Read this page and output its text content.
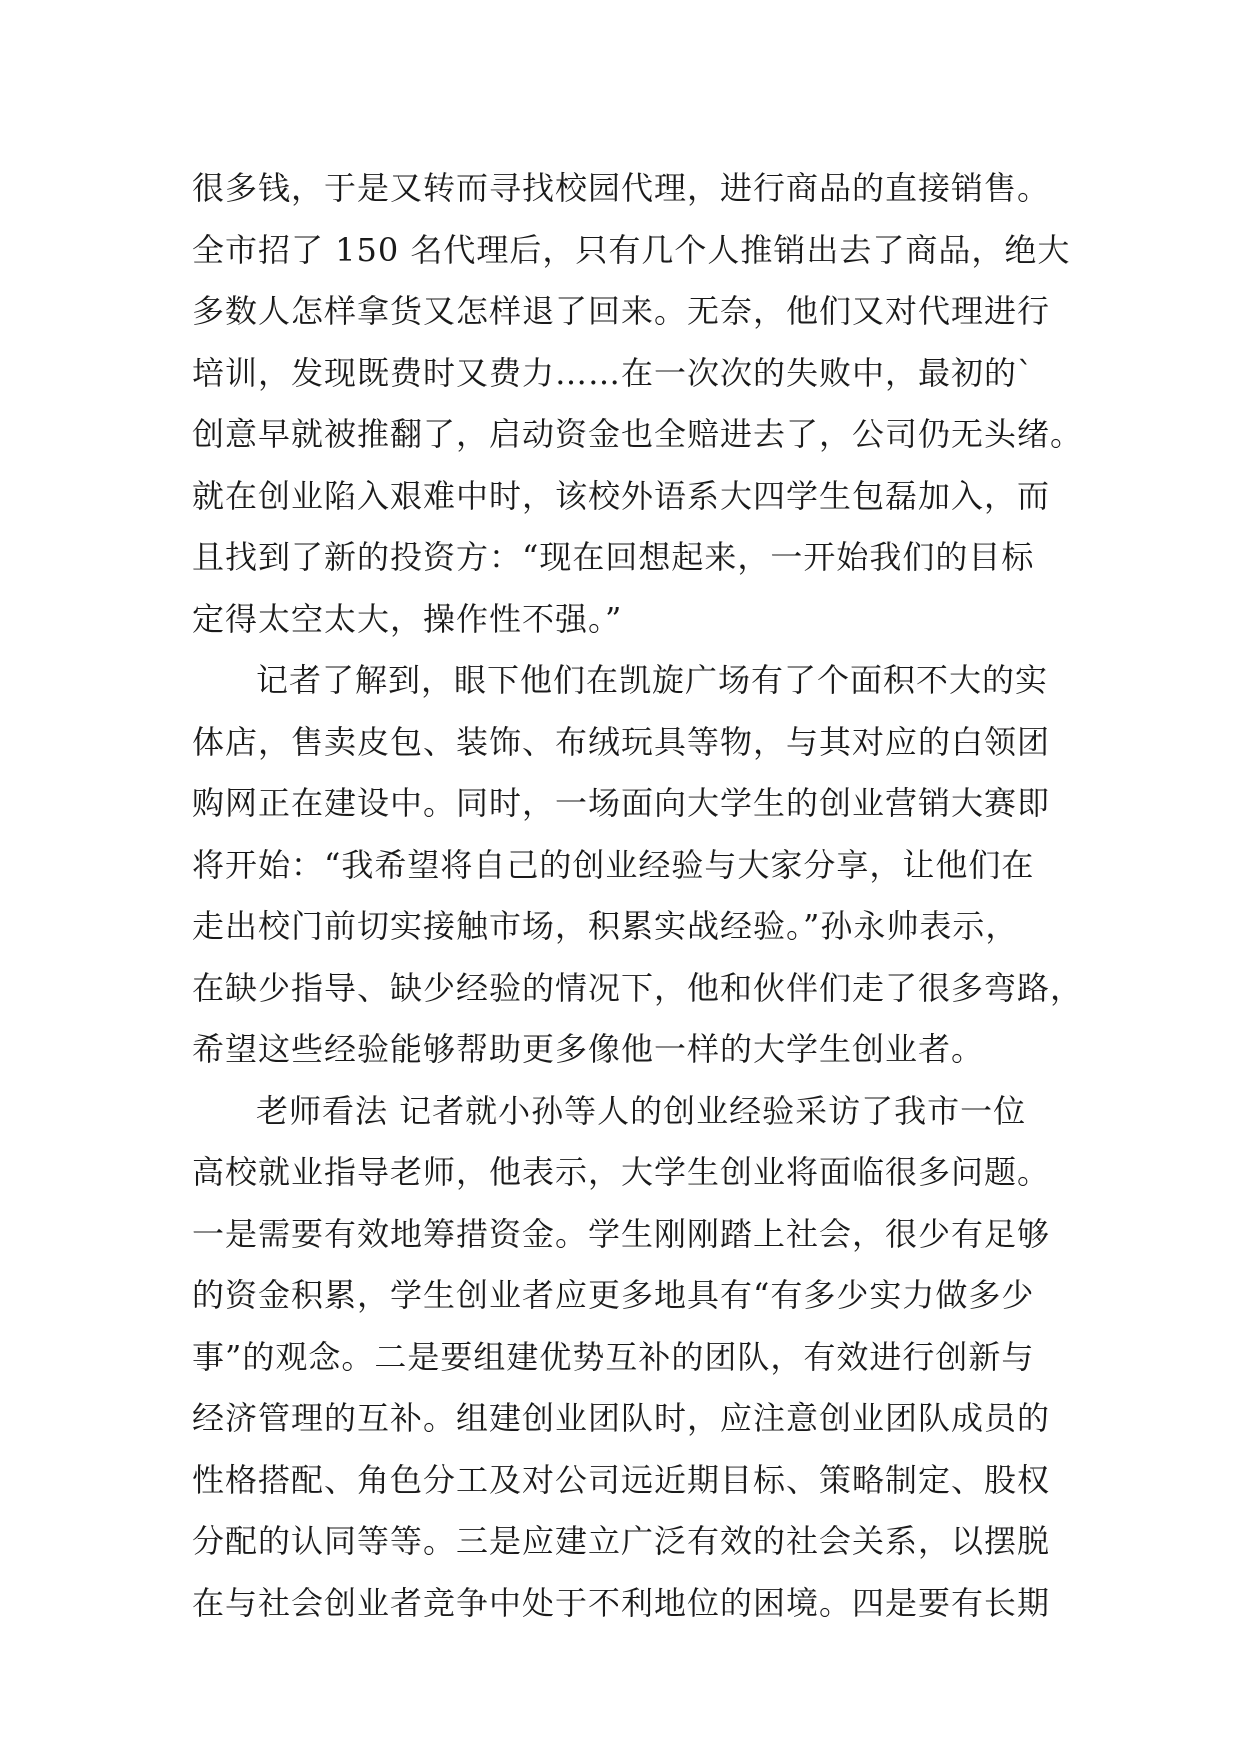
很多钱，于是又转而寻找校园代理，进行商品的直接销售。
全市招了 150 名代理后，只有几个人推销出去了商品，绝大
多数人怎样拿货又怎样退了回来。无奈，他们又对代理进行
培训，发现既费时又费力……在一次次的失败中，最初的`
创意早就被推翻了，启动资金也全赔进去了，公司仍无头绪。
就在创业陷入艰难中时，该校外语系大四学生包磊加入，而
且找到了新的投资方：“现在回想起来，一开始我们的目标
定得太空太大，操作性不强。”
记者了解到，眼下他们在凯旋广场有了个面积不大的实
体店，售卖皮包、装饰、布绒玩具等物，与其对应的白领团
购网正在建设中。同时，一场面向大学生的创业营销大赛即
将开始：“我希望将自己的创业经验与大家分享，让他们在
走出校门前切实接触市场，积累实战经验。”孙永帅表示，
在缺少指导、缺少经验的情况下，他和伙伴们走了很多弯路，
希望这些经验能够帮助更多像他一样的大学生创业者。
老师看法 记者就小孙等人的创业经验采访了我市一位
高校就业指导老师，他表示，大学生创业将面临很多问题。
一是需要有效地筹措资金。学生刚刚踏上社会，很少有足够
的资金积累，学生创业者应更多地具有“有多少实力做多少
事”的观念。二是要组建优势互补的团队，有效进行创新与
经济管理的互补。组建创业团队时，应注意创业团队成员的
性格搭配、角色分工及对公司远近期目标、策略制定、股权
分配的认同等等。三是应建立广泛有效的社会关系，以摆脱
在与社会创业者竞争中处于不利地位的困境。四是要有长期
